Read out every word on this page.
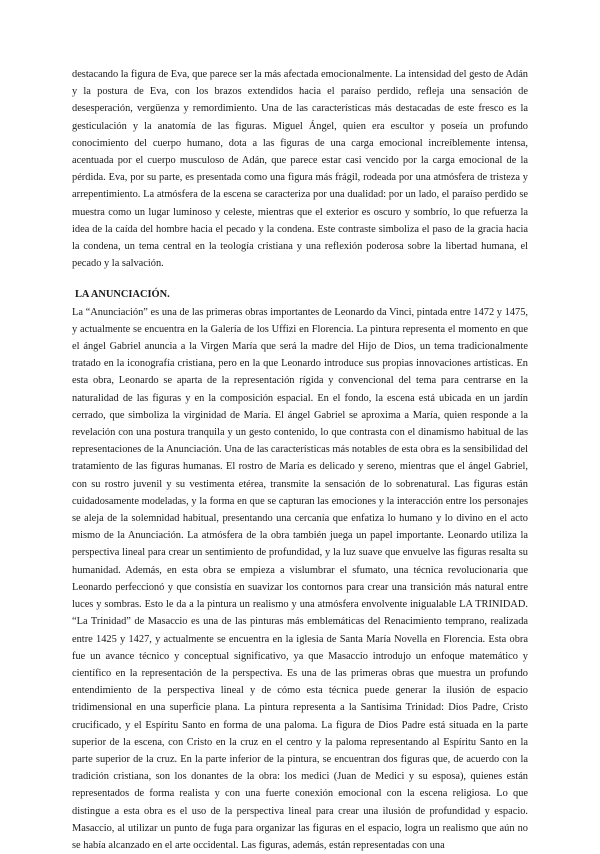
destacando la figura de Eva, que parece ser la más afectada emocionalmente. La intensidad del gesto de Adán y la postura de Eva, con los brazos extendidos hacia el paraíso perdido, refleja una sensación de desesperación, vergüenza y remordimiento. Una de las características más destacadas de este fresco es la gesticulación y la anatomía de las figuras. Miguel Ángel, quien era escultor y poseía un profundo conocimiento del cuerpo humano, dota a las figuras de una carga emocional increíblemente intensa, acentuada por el cuerpo musculoso de Adán, que parece estar casi vencido por la carga emocional de la pérdida. Eva, por su parte, es presentada como una figura más frágil, rodeada por una atmósfera de tristeza y arrepentimiento. La atmósfera de la escena se caracteriza por una dualidad: por un lado, el paraíso perdido se muestra como un lugar luminoso y celeste, mientras que el exterior es oscuro y sombrío, lo que refuerza la idea de la caída del hombre hacia el pecado y la condena. Este contraste simboliza el paso de la gracia hacia la condena, un tema central en la teología cristiana y una reflexión poderosa sobre la libertad humana, el pecado y la salvación.

LA ANUNCIACIÓN.

La “Anunciación” es una de las primeras obras importantes de Leonardo da Vinci, pintada entre 1472 y 1475, y actualmente se encuentra en la Galería de los Uffizi en Florencia. La pintura representa el momento en que el ángel Gabriel anuncia a la Virgen María que será la madre del Hijo de Dios, un tema tradicionalmente tratado en la iconografía cristiana, pero en la que Leonardo introduce sus propias innovaciones artísticas. En esta obra, Leonardo se aparta de la representación rígida y convencional del tema para centrarse en la naturalidad de las figuras y en la composición espacial. En el fondo, la escena está ubicada en un jardín cerrado, que simboliza la virginidad de María. El ángel Gabriel se aproxima a María, quien responde a la revelación con una postura tranquila y un gesto contenido, lo que contrasta con el dinamismo habitual de las representaciones de la Anunciación. Una de las características más notables de esta obra es la sensibilidad del tratamiento de las figuras humanas. El rostro de María es delicado y sereno, mientras que el ángel Gabriel, con su rostro juvenil y su vestimenta etérea, transmite la sensación de lo sobrenatural. Las figuras están cuidadosamente modeladas, y la forma en que se capturan las emociones y la interacción entre los personajes se aleja de la solemnidad habitual, presentando una cercanía que enfatiza lo humano y lo divino en el acto mismo de la Anunciación. La atmósfera de la obra también juega un papel importante. Leonardo utiliza la perspectiva lineal para crear un sentimiento de profundidad, y la luz suave que envuelve las figuras resalta su humanidad. Además, en esta obra se empieza a vislumbrar el sfumato, una técnica revolucionaria que Leonardo perfeccionó y que consistía en suavizar los contornos para crear una transición más natural entre luces y sombras. Esto le da a la pintura un realismo y una atmósfera envolvente inigualable LA TRINIDAD. “La Trinidad” de Masaccio es una de las pinturas más emblemáticas del Renacimiento temprano, realizada entre 1425 y 1427, y actualmente se encuentra en la iglesia de Santa María Novella en Florencia. Esta obra fue un avance técnico y conceptual significativo, ya que Masaccio introdujo un enfoque matemático y científico en la representación de la perspectiva. Es una de las primeras obras que muestra un profundo entendimiento de la perspectiva lineal y de cómo esta técnica puede generar la ilusión de espacio tridimensional en una superficie plana. La pintura representa a la Santísima Trinidad: Dios Padre, Cristo crucificado, y el Espíritu Santo en forma de una paloma. La figura de Dios Padre está situada en la parte superior de la escena, con Cristo en la cruz en el centro y la paloma representando al Espíritu Santo en la parte superior de la cruz. En la parte inferior de la pintura, se encuentran dos figuras que, de acuerdo con la tradición cristiana, son los donantes de la obra: los medici (Juan de Medici y su esposa), quienes están representados de forma realista y con una fuerte conexión emocional con la escena religiosa. Lo que distingue a esta obra es el uso de la perspectiva lineal para crear una ilusión de profundidad y espacio. Masaccio, al utilizar un punto de fuga para organizar las figuras en el espacio, logra un realismo que aún no se había alcanzado en el arte occidental. Las figuras, además, están representadas con una
